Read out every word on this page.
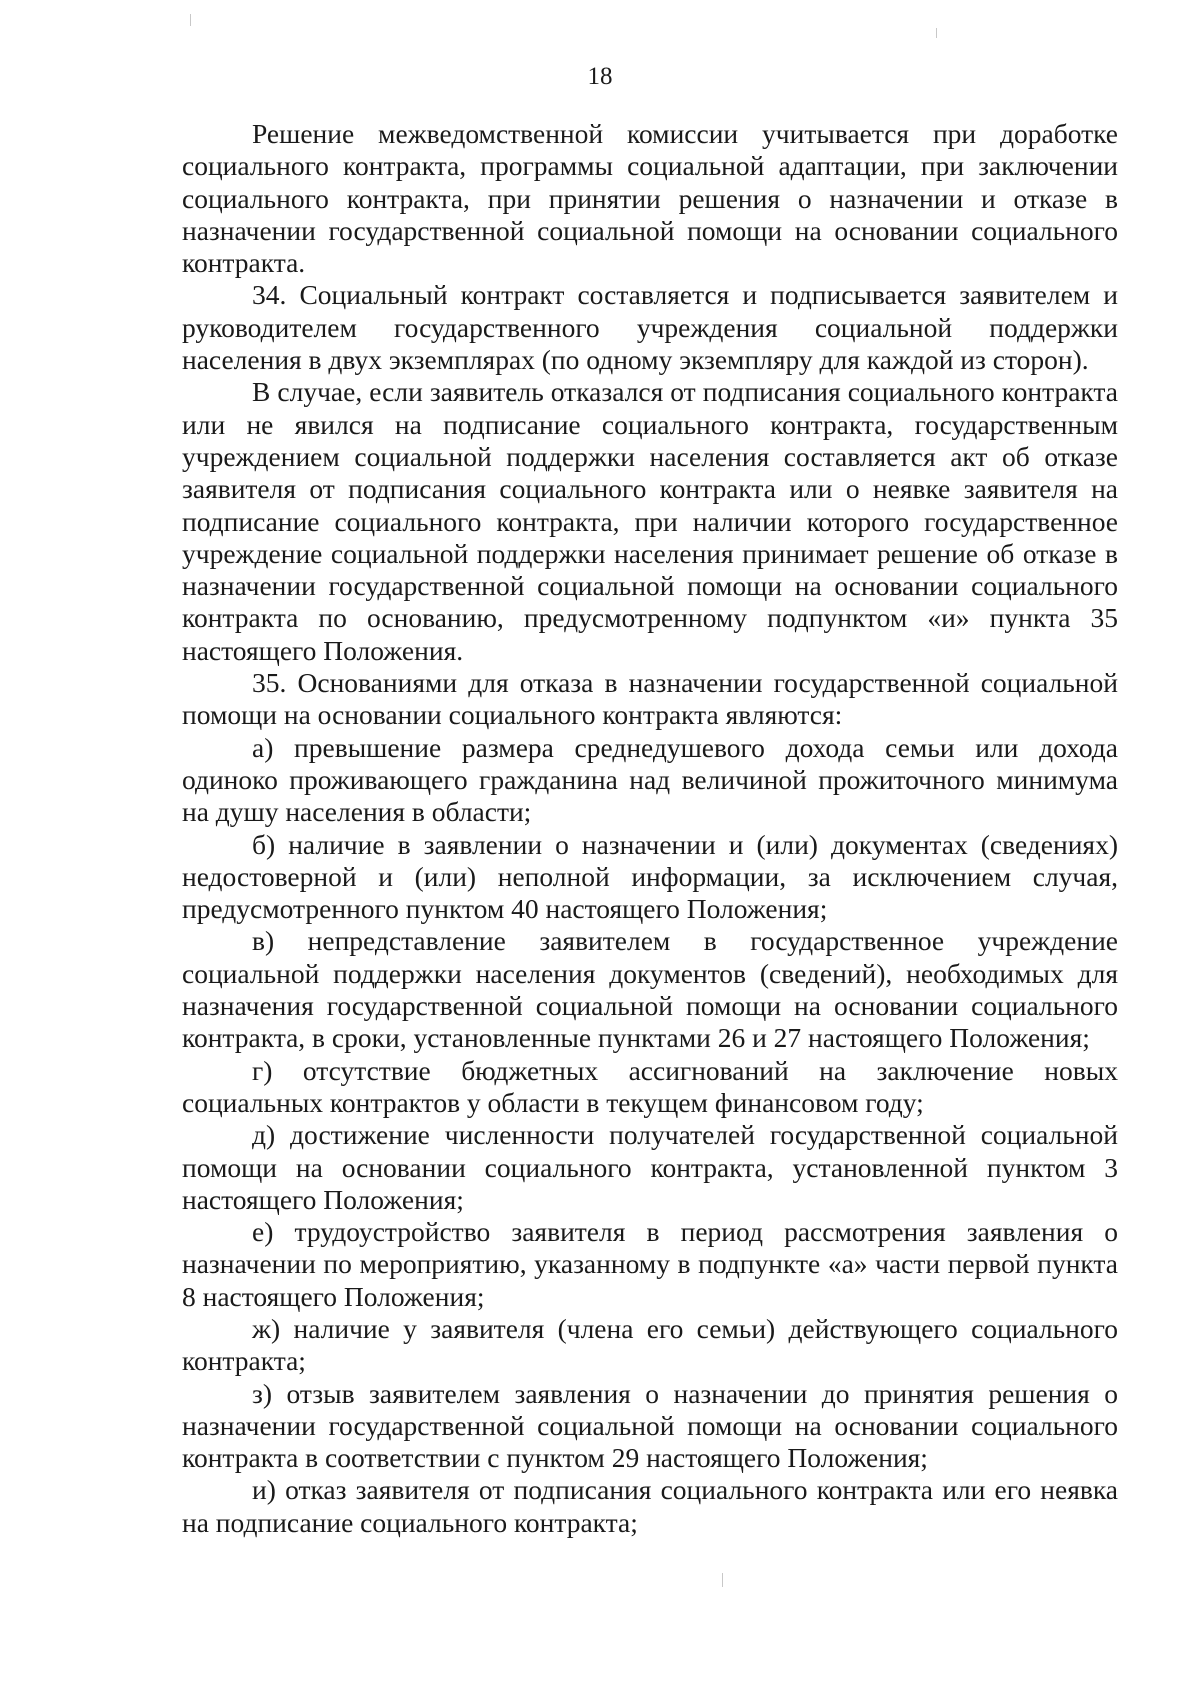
18

Решение межведомственной комиссии учитывается при доработке социального контракта, программы социальной адаптации, при заключении социального контракта, при принятии решения о назначении и отказе в назначении государственной социальной помощи на основании социального контракта.

34. Социальный контракт составляется и подписывается заявителем и руководителем государственного учреждения социальной поддержки населения в двух экземплярах (по одному экземпляру для каждой из сторон).

В случае, если заявитель отказался от подписания социального контракта или не явился на подписание социального контракта, государственным учреждением социальной поддержки населения составляется акт об отказе заявителя от подписания социального контракта или о неявке заявителя на подписание социального контракта, при наличии которого государственное учреждение социальной поддержки населения принимает решение об отказе в назначении государственной социальной помощи на основании социального контракта по основанию, предусмотренному подпунктом «и» пункта 35 настоящего Положения.

35. Основаниями для отказа в назначении государственной социальной помощи на основании социального контракта являются:

а) превышение размера среднедушевого дохода семьи или дохода одиноко проживающего гражданина над величиной прожиточного минимума на душу населения в области;

б) наличие в заявлении о назначении и (или) документах (сведениях) недостоверной и (или) неполной информации, за исключением случая, предусмотренного пунктом 40 настоящего Положения;

в) непредставление заявителем в государственное учреждение социальной поддержки населения документов (сведений), необходимых для назначения государственной социальной помощи на основании социального контракта, в сроки, установленные пунктами 26 и 27 настоящего Положения;

г) отсутствие бюджетных ассигнований на заключение новых социальных контрактов у области в текущем финансовом году;

д) достижение численности получателей государственной социальной помощи на основании социального контракта, установленной пунктом 3 настоящего Положения;

е) трудоустройство заявителя в период рассмотрения заявления о назначении по мероприятию, указанному в подпункте «а» части первой пункта 8 настоящего Положения;

ж) наличие у заявителя (члена его семьи) действующего социального контракта;

з) отзыв заявителем заявления о назначении до принятия решения о назначении государственной социальной помощи на основании социального контракта в соответствии с пунктом 29 настоящего Положения;

и) отказ заявителя от подписания социального контракта или его неявка на подписание социального контракта;
